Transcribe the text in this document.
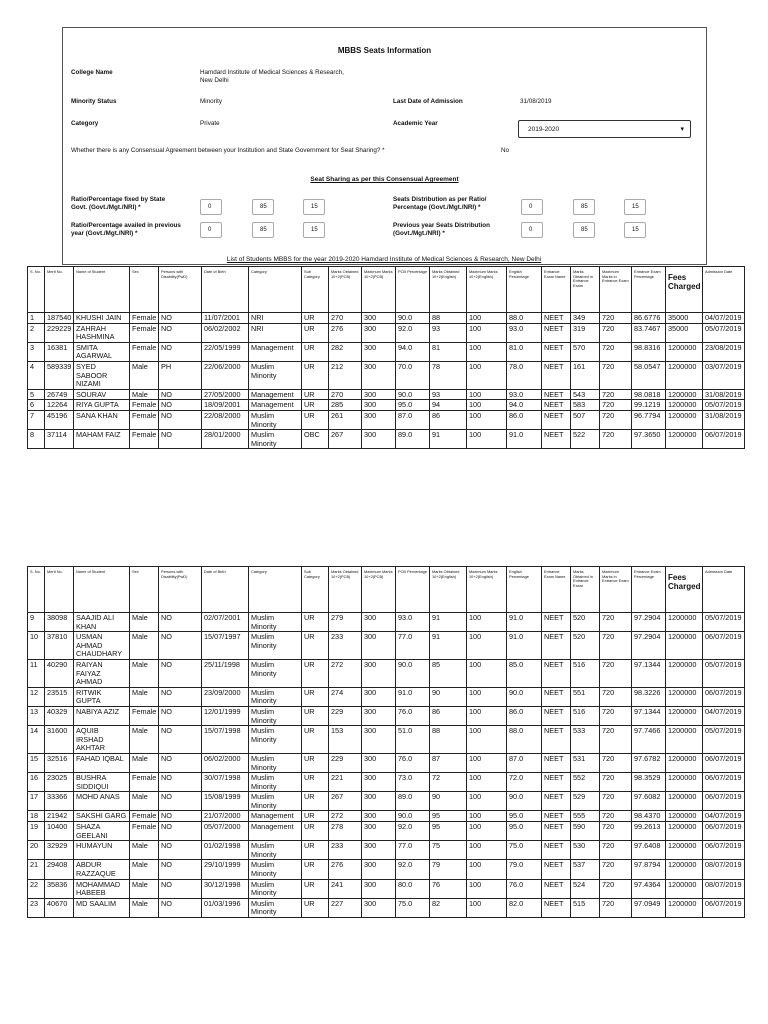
MBBS Seats Information
College Name	Hamdard Institute of Medical Sciences & Research,
New Delhi
Minority Status	Minority	Last Date of Admission	31/08/2019
Category	Private	Academic Year
2019-2020	▾
Whether there is any Consensual Agreement between your Institution and State Government for Seat Sharing? *	No
Seat Sharing as per this Consensual Agreement
Ratio/Percentage fixed by State
Govt. (Govt./Mgt./NRI) *	0	85	15
Seats Distribution as per Ratio/
Percentage (Govt./Mgt./NRI) *	0	85	15
Ratio/Percentage availed in previous
year (Govt./Mgt./NRI) *	0	85	15
Previous year Seats Distribution
(Govt./Mgt./NRI) *	0	85	15
List of Students MBBS for the year 2019-2020 Hamdard Institute of Medical Sciences & Research, New Delhi
S. No.	Merit No.	Name of Student	Sex	Persons with Disability(PwD)	Date of Birth	Category	Sub Category	Marks Obtained 10+2(PCB)	Maximum Marks 10+2(PCB)	PCB Percentage	Marks Obtained 10+2(English)	Maximum Marks 10+2(English)	English Percentage	Entrance Exam Name	Marks Obtained in Entrance Exam	Maximum Marks in Entrance Exam	Entrance Exam Percentage	Fees Charged	Admission Date
1	187540	KHUSHI JAIN	Female	NO	11/07/2001	NRI	UR	270	300	90.0	88	100	88.0	NEET	349	720	86.6776	35000	04/07/2019
2	229229	ZAHRAH HASHMINA	Female	NO	06/02/2002	NRI	UR	276	300	92.0	93	100	93.0	NEET	319	720	83.7467	35000	05/07/2019
3	16381	SMITA AGARWAL	Female	NO	22/05/1999	Management	UR	282	300	94.0	81	100	81.0	NEET	570	720	98.8316	1200000	23/08/2019
4	589339	SYED SABOOR NIZAMI	Male	PH	22/06/2000	Muslim Minority	UR	212	300	70.0	78	100	78.0	NEET	161	720	58.0547	1200000	03/07/2019
5	26749	SOURAV	Male	NO	27/05/2000	Management	UR	270	300	90.0	93	100	93.0	NEET	543	720	98.0818	1200000	31/08/2019
6	12264	RIYA GUPTA	Female	NO	18/09/2001	Management	UR	285	300	95.0	94	100	94.0	NEET	583	720	99.1219	1200000	05/07/2019
7	45196	SANA KHAN	Female	NO	22/08/2000	Muslim Minority	UR	261	300	87.0	86	100	86.0	NEET	507	720	96.7794	1200000	31/08/2019
8	37114	MAHAM FAIZ	Female	NO	28/01/2000	Muslim Minority	OBC	267	300	89.0	91	100	91.0	NEET	522	720	97.3650	1200000	06/07/2019
S. No.	Merit No.	Name of Student	Sex	Persons with Disability(PwD)	Date of Birth	Category	Sub Category	Marks Obtained 10+2(PCB)	Maximum Marks 10+2(PCB)	PCB Percentage	Marks Obtained 10+2(English)	Maximum Marks 10+2(English)	English Percentage	Entrance Exam Name	Marks Obtained in Entrance Exam	Maximum Marks in Entrance Exam	Entrance Exam Percentage	Fees Charged	Admission Date
9	38098	SAAJID ALI KHAN	Male	NO	02/07/2001	Muslim Minority	UR	279	300	93.0	91	100	91.0	NEET	520	720	97.2904	1200000	05/07/2019
10	37810	USMAN AHMAD CHAUDHARY	Male	NO	15/07/1997	Muslim Minority	UR	233	300	77.0	91	100	91.0	NEET	520	720	97.2904	1200000	06/07/2019
11	40290	RAIYAN FAIYAZ AHMAD	Male	NO	25/11/1998	Muslim Minority	UR	272	300	90.0	85	100	85.0	NEET	516	720	97.1344	1200000	05/07/2019
12	23515	RITWIK GUPTA	Male	NO	23/09/2000	Muslim Minority	UR	274	300	91.0	90	100	90.0	NEET	551	720	98.3226	1200000	06/07/2019
13	40329	NABIYA AZIZ	Female	NO	12/01/1999	Muslim Minority	UR	229	300	76.0	86	100	86.0	NEET	516	720	97.1344	1200000	04/07/2019
14	31600	AQUIB IRSHAD AKHTAR	Male	NO	15/07/1998	Muslim Minority	UR	153	300	51.0	88	100	88.0	NEET	533	720	97.7466	1200000	05/07/2019
15	32516	FAHAD IQBAL	Male	NO	06/02/2000	Muslim Minority	UR	229	300	76.0	87	100	87.0	NEET	531	720	97.6782	1200000	06/07/2019
16	23025	BUSHRA SIDDIQUI	Female	NO	30/07/1998	Muslim Minority	UR	221	300	73.0	72	100	72.0	NEET	552	720	98.3529	1200000	06/07/2019
17	33366	MOHD ANAS	Male	NO	15/08/1999	Muslim Minority	UR	267	300	89.0	90	100	90.0	NEET	529	720	97.6082	1200000	06/07/2019
18	21942	SAKSHI GARG	Female	NO	21/07/2000	Management	UR	272	300	90.0	95	100	95.0	NEET	555	720	98.4370	1200000	04/07/2019
19	10400	SHAZA GEELANI	Female	NO	05/07/2000	Management	UR	278	300	92.0	95	100	95.0	NEET	590	720	99.2613	1200000	06/07/2019
20	32929	HUMAYUN	Male	NO	01/02/1998	Muslim Minority	UR	233	300	77.0	75	100	75.0	NEET	530	720	97.6408	1200000	06/07/2019
21	29408	ABDUR RAZZAQUE	Male	NO	29/10/1999	Muslim Minority	UR	276	300	92.0	79	100	79.0	NEET	537	720	97.8794	1200000	08/07/2019
22	35836	MOHAMMAD HABEEB	Male	NO	30/12/1998	Muslim Minority	UR	241	300	80.0	76	100	76.0	NEET	524	720	97.4364	1200000	08/07/2019
23	40670	MD SAALIM	Male	NO	01/03/1996	Muslim Minority	UR	227	300	75.0	82	100	82.0	NEET	515	720	97.0949	1200000	06/07/2019
